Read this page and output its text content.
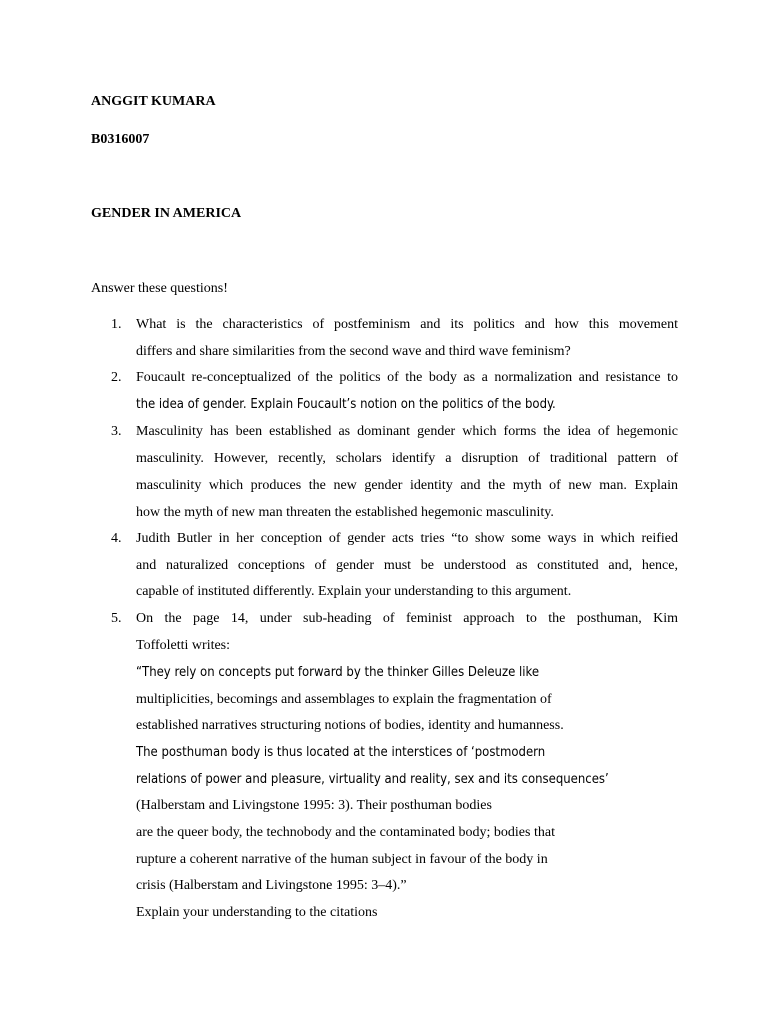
ANGGIT KUMARA
B0316007
GENDER IN AMERICA
Answer these questions!
1. What is the characteristics of postfeminism and its politics and how this movement
differs and share similarities from the second wave and third wave feminism?
2. Foucault re-conceptualized of the politics of the body as a normalization and resistance to
the idea of gender. Explain Foucault’s notion on the politics of the body.
3. Masculinity has been established as dominant gender which forms the idea of hegemonic
masculinity. However, recently, scholars identify a disruption of traditional pattern of
masculinity which produces the new gender identity and the myth of new man. Explain
how the myth of new man threaten the established hegemonic masculinity.
4. Judith Butler in her conception of gender acts tries “to show some ways in which reified
and naturalized conceptions of gender must be understood as constituted and, hence,
capable of instituted differently. Explain your understanding to this argument.
5. On the page 14, under sub-heading of feminist approach to the posthuman, Kim
Toffoletti writes:
“They rely on concepts put forward by the thinker Gilles Deleuze like
multiplicities, becomings and assemblages to explain the fragmentation of
established narratives structuring notions of bodies, identity and humanness.
The posthuman body is thus located at the interstices of ‘postmodern
relations of power and pleasure, virtuality and reality, sex and its consequences’
(Halberstam and Livingstone 1995: 3). Their posthuman bodies
are the queer body, the technobody and the contaminated body; bodies that
rupture a coherent narrative of the human subject in favour of the body in
crisis (Halberstam and Livingstone 1995: 3–4).”
Explain your understanding to the citations
